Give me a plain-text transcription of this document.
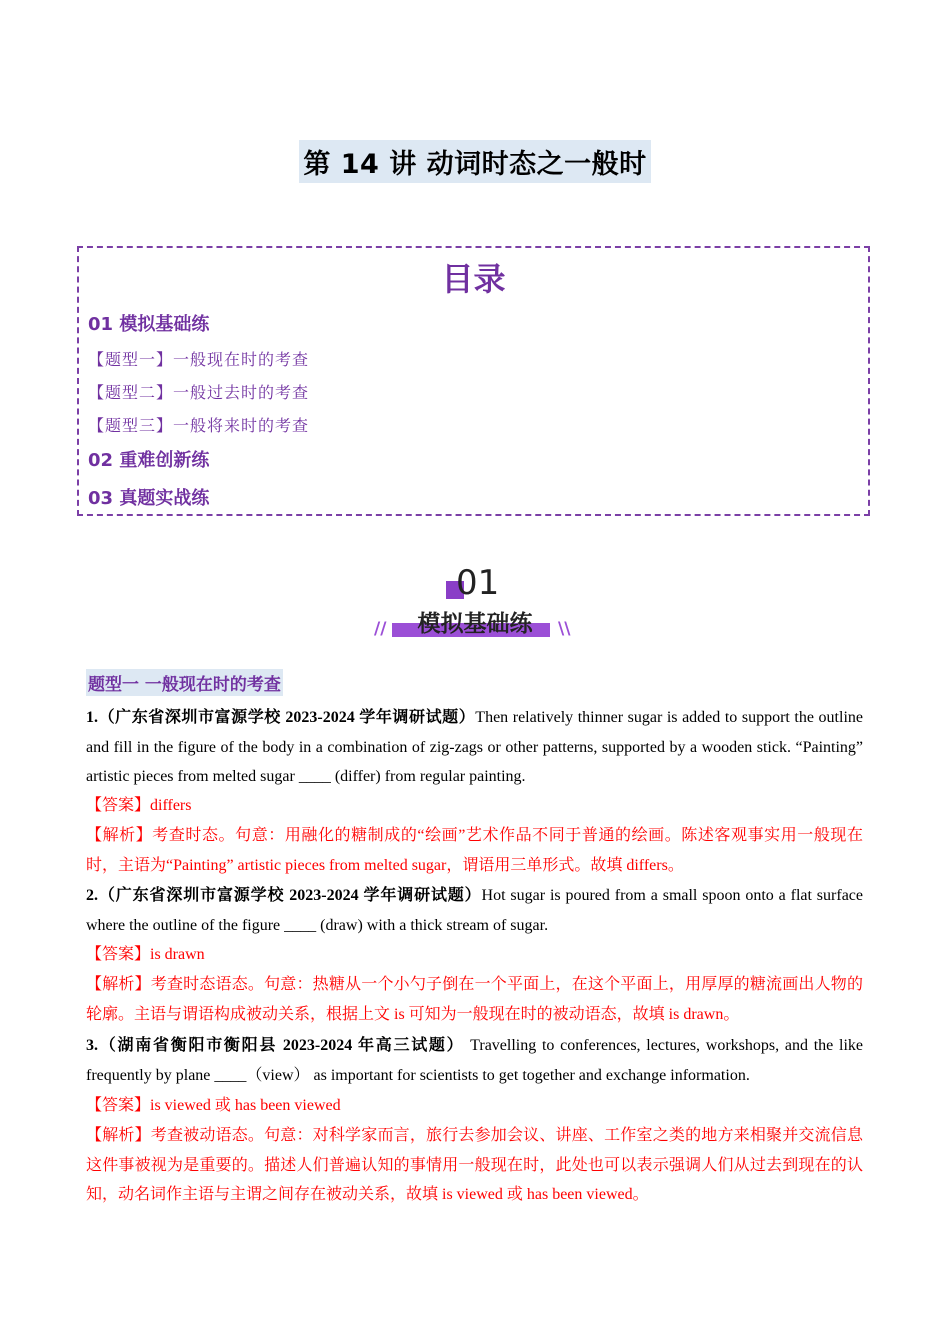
第 14 讲 动词时态之一般时
目录
01 模拟基础练
【题型一】一般现在时的考查
【题型二】一般过去时的考查
【题型三】一般将来时的考查
02 重难创新练
03 真题实战练
01
//	\\
模拟基础练
题型一 一般现在时的考查
1.（广东省深圳市富源学校 2023-2024 学年调研试题）Then relatively thinner sugar is added to support the outline and fill in the figure of the body in a combination of zig-zags or other patterns, supported by a wooden stick. “Painting” artistic pieces from melted sugar ____ (differ) from regular painting.
【答案】differs
【解析】考查时态。句意：用融化的糖制成的“绘画”艺术作品不同于普通的绘画。陈述客观事实用一般现在时，主语为“Painting” artistic pieces from melted sugar，谓语用三单形式。故填 differs。
2.（广东省深圳市富源学校 2023-2024 学年调研试题）Hot sugar is poured from a small spoon onto a flat surface where the outline of the figure ____ (draw) with a thick stream of sugar.
【答案】is drawn
【解析】考查时态语态。句意：热糖从一个小勺子倒在一个平面上，在这个平面上，用厚厚的糖流画出人物的轮廓。主语与谓语构成被动关系，根据上文 is 可知为一般现在时的被动语态，故填 is drawn。
3.（湖南省衡阳市衡阳县 2023-2024 年高三试题） Travelling to conferences, lectures, workshops, and the like frequently by plane ____（view） as important for scientists to get together and exchange information.
【答案】is viewed 或 has been viewed
【解析】考查被动语态。句意：对科学家而言，旅行去参加会议、讲座、工作室之类的地方来相聚并交流信息这件事被视为是重要的。描述人们普遍认知的事情用一般现在时，此处也可以表示强调人们从过去到现在的认知，动名词作主语与主谓之间存在被动关系，故填 is viewed 或 has been viewed。
